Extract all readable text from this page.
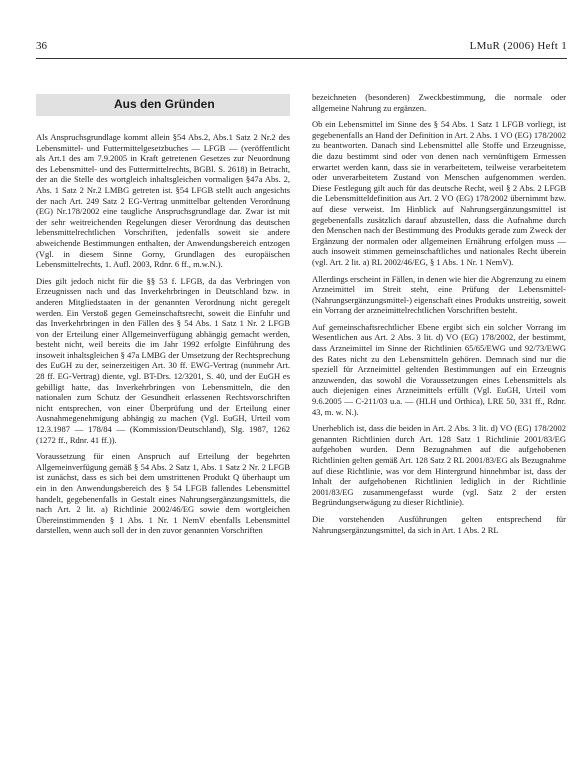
36	LMuR (2006) Heft 1
Aus den Gründen

Als Anspruchsgrundlage kommt allein §54 Abs.2, Abs.1 Satz 2 Nr.2 des Lebensmittel- und Futtermittelgesetzbuches — LFGB — (veröffentlicht als Art.1 des am 7.9.2005 in Kraft getretenen Gesetzes zur Neuordnung des Lebensmittel- und des Futtermittelrechts, BGBl. S. 2618) in Betracht, der an die Stelle des wortgleich inhaltsgleichen vormaligen §47a Abs. 2, Abs. 1 Satz 2 Nr.2 LMBG getreten ist. §54 LFGB stellt auch angesichts der nach Art. 249 Satz 2 EG-Vertrag unmittelbar geltenden Verordnung (EG) Nr.178/2002 eine taugliche Anspruchsgrundlage dar. Zwar ist mit der sehr weitreichenden Regelungen dieser Verordnung das deutschen lebensmittelrechtlichen Vorschriften, jedenfalls soweit sie andere abweichende Bestimmungen enthalten, der Anwendungsbereich entzogen (Vgl. in diesem Sinne Gorny, Grundlagen des europäischen Lebensmittelrechts, 1. Aufl. 2003, Rdnr. 6 ff., m.w.N.).

Dies gilt jedoch nicht für die §§ 53 f. LFGB, da das Verbringen von Erzeugnissen nach und das Inverkehrbringen in Deutschland bzw. in anderen Mitgliedstaaten in der genannten Verordnung nicht geregelt werden. Ein Verstoß gegen Gemeinschaftsrecht, soweit die Einfuhr und das Inverkehrbringen in den Fällen des § 54 Abs. 1 Satz 1 Nr. 2 LFGB von der Erteilung einer Allgemeinverfügung abhängig gemacht werden, besteht nicht, weil bereits die im Jahr 1992 erfolgte Einführung des insoweit inhaltsgleichen § 47a LMBG der Umsetzung der Rechtsprechung des EuGH zu der, seinerzeitigen Art. 30 ff. EWG-Vertrag (nunmehr Art. 28 ff. EG-Vertrag) diente, vgl. BT-Drs. 12/3201, S. 40, und der EuGH es gebilligt hatte, das Inverkehrbringen von Lebensmitteln, die den nationalen zum Schutz der Gesundheit erlassenen Rechtsvorschriften nicht entsprechen, von einer Überprüfung und der Erteilung einer Ausnahmegenehmigung abhängig zu machen (Vgl. EuGH, Urteil vom 12.3.1987 — 178/84 — (Kommission/Deutschland), Slg. 1987, 1262 (1272 ff., Rdnr. 41 ff.)).

Voraussetzung für einen Anspruch auf Erteilung der begehrten Allgemeinverfügung gemäß § 54 Abs. 2 Satz 1, Abs. 1 Satz 2 Nr. 2 LFGB ist zunächst, dass es sich bei dem umstrittenen Produkt Q überhaupt um ein in den Anwendungsbereich des § 54 LFGB fallendes Lebensmittel handelt, gegebenenfalls in Gestalt eines Nahrungsergänzungsmittels, die nach Art. 2 lit. a) Richtlinie 2002/46/EG sowie dem wortgleichen Übereinstimmenden § 1 Abs. 1 Nr. 1 NemV ebenfalls Lebensmittel darstellen, wenn auch soll der in den zuvor genannten Vorschriften

bezeichneten (besonderen) Zweckbestimmung, die normale oder allgemeine Nahrung zu ergänzen.

Ob ein Lebensmittel im Sinne des § 54 Abs. 1 Satz 1 LFGB vorliegt, ist gegebenenfalls an Hand der Definition in Art. 2 Abs. 1 VO (EG) 178/2002 zu beantworten. Danach sind Lebensmittel alle Stoffe und Erzeugnisse, die dazu bestimmt sind oder von denen nach vernünftigem Ermessen erwartet werden kann, dass sie in verarbeitetem, teilweise verarbeitetem oder unverarbeitetem Zustand von Menschen aufgenommen werden. Diese Festlegung gilt auch für das deutsche Recht, weil § 2 Abs. 2 LFGB die Lebensmitteldefinition aus Art. 2 VO (EG) 178/2002 übernimmt bzw. auf diese verweist. Im Hinblick auf Nahrungsergänzungsmittel ist gegebenenfalls zusätzlich darauf abzustellen, dass die Aufnahme durch den Menschen nach der Bestimmung des Produkts gerade zum Zweck der Ergänzung der normalen oder allgemeinen Ernährung erfolgen muss — auch insoweit stimmen gemeinschaftliches und nationales Recht überein (vgl. Art. 2 lit. a) RL 2002/46/EG, § 1 Abs. 1 Nr. 1 NemV).

Allerdings erscheint in Fällen, in denen wie hier die Abgrenzung zu einem Arzneimittel im Streit steht, eine Prüfung der Lebensmittel-(Nahrungsergänzungsmittel-) eigenschaft eines Produkts unstreitig, soweit ein Vorrang der arzneimittelrechtlichen Vorschriften besteht.

Auf gemeinschaftsrechtlicher Ebene ergibt sich ein solcher Vorrang im Wesentlichen aus Art. 2 Abs. 3 lit. d) VO (EG) 178/2002, der bestimmt, dass Arzneimittel im Sinne der Richtlinien 65/65/EWG und 92/73/EWG des Rates nicht zu den Lebensmitteln gehören. Demnach sind nur die speziell für Arzneimittel geltenden Bestimmungen auf ein Erzeugnis anzuwenden, das sowohl die Voraussetzungen eines Lebensmittels als auch diejenigen eines Arzneimittels erfüllt (Vgl. EuGH, Urteil vom 9.6.2005 — C-211/03 u.a. — (HLH und Orthica), LRE 50, 331 ff., Rdnr. 43, m. w. N.).

Unerheblich ist, dass die beiden in Art. 2 Abs. 3 lit. d) VO (EG) 178/2002 genannten Richtlinien durch Art. 128 Satz 1 Richtlinie 2001/83/EG aufgehoben wurden. Denn Bezugnahmen auf die aufgehobenen Richtlinien gelten gemäß Art. 128 Satz 2 RL 2001/83/EG als Bezugnahme auf diese Richtlinie, was vor dem Hintergrund hinnehmbar ist, dass der Inhalt der aufgehobenen Richtlinien lediglich in der Richtlinie 2001/83/EG zusammengefasst wurde (vgl. Satz 2 der ersten Begründungserwägung zu dieser Richtlinie).

Die vorstehenden Ausführungen gelten entsprechend für Nahrungsergänzungsmittel, da sich in Art. 1 Abs. 2 RL
